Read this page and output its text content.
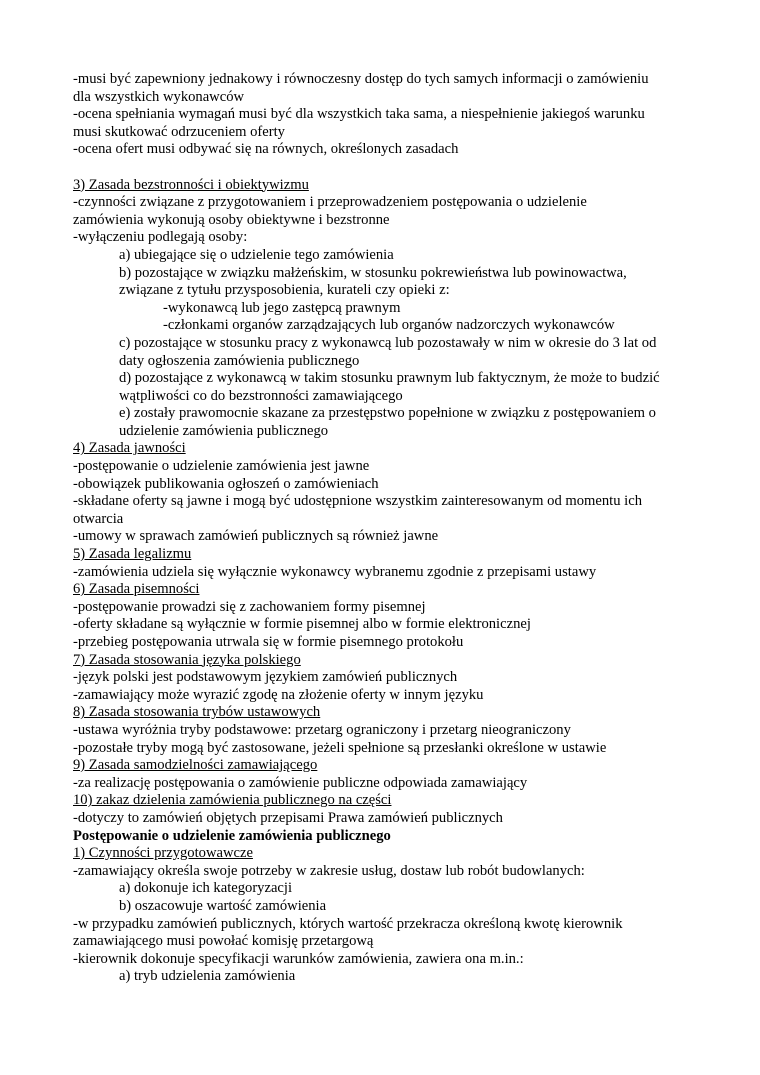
-musi być zapewniony jednakowy i równoczesny dostęp do tych samych informacji o zamówieniu
dla wszystkich wykonawców
-ocena spełniania wymagań musi być dla wszystkich taka sama, a niespełnienie jakiegoś warunku
musi skutkować odrzuceniem oferty
-ocena ofert musi odbywać się na równych, określonych zasadach
3) Zasada bezstronności i obiektywizmu
-czynności związane z przygotowaniem i przeprowadzeniem postępowania o udzielenie
zamówienia wykonują osoby obiektywne i bezstronne
-wyłączeniu podlegają osoby:
a) ubiegające się o udzielenie tego zamówienia
b) pozostające w związku małżeńskim, w stosunku pokrewieństwa lub powinowactwa,
związane z tytułu przysposobienia, kurateli czy opieki z:
-wykonawcą lub jego zastępcą prawnym
-członkami organów zarządzających lub organów nadzorczych wykonawców
c) pozostające w stosunku pracy z wykonawcą lub pozostawały w nim w okresie do 3 lat od
daty ogłoszenia zamówienia publicznego
d) pozostające z wykonawcą w takim stosunku prawnym lub faktycznym, że może to budzić
wątpliwości co do bezstronności zamawiającego
e) zostały prawomocnie skazane za przestępstwo popełnione w związku z postępowaniem o
udzielenie zamówienia publicznego
4) Zasada jawności
-postępowanie o udzielenie zamówienia jest jawne
-obowiązek publikowania ogłoszeń o zamówieniach
-składane oferty są jawne i mogą być udostępnione wszystkim zainteresowanym od momentu ich
otwarcia
-umowy w sprawach zamówień publicznych są również jawne
5) Zasada legalizmu
-zamówienia udziela się wyłącznie wykonawcy wybranemu zgodnie z przepisami ustawy
6) Zasada pisemności
-postępowanie prowadzi się z zachowaniem formy pisemnej
-oferty składane są wyłącznie w formie pisemnej albo w formie elektronicznej
-przebieg postępowania utrwala się w formie pisemnego protokołu
7) Zasada stosowania języka polskiego
-język polski jest podstawowym językiem zamówień publicznych
-zamawiający może wyrazić zgodę na złożenie oferty w innym języku
8) Zasada stosowania trybów ustawowych
-ustawa wyróżnia tryby podstawowe: przetarg ograniczony i przetarg nieograniczony
-pozostałe tryby mogą być zastosowane, jeżeli spełnione są przesłanki określone w ustawie
9) Zasada samodzielności zamawiającego
-za realizację postępowania o zamówienie publiczne odpowiada zamawiający
10) zakaz dzielenia zamówienia publicznego na części
-dotyczy to zamówień objętych przepisami Prawa zamówień publicznych
Postępowanie o udzielenie zamówienia publicznego
1) Czynności przygotowawcze
-zamawiający określa swoje potrzeby w zakresie usług, dostaw lub robót budowlanych:
a) dokonuje ich kategoryzacji
b) oszacowuje wartość zamówienia
-w przypadku zamówień publicznych, których wartość przekracza określoną kwotę kierownik
zamawiającego musi powołać komisję przetargową
-kierownik dokonuje specyfikacji warunków zamówienia, zawiera ona m.in.:
a) tryb udzielenia zamówienia
